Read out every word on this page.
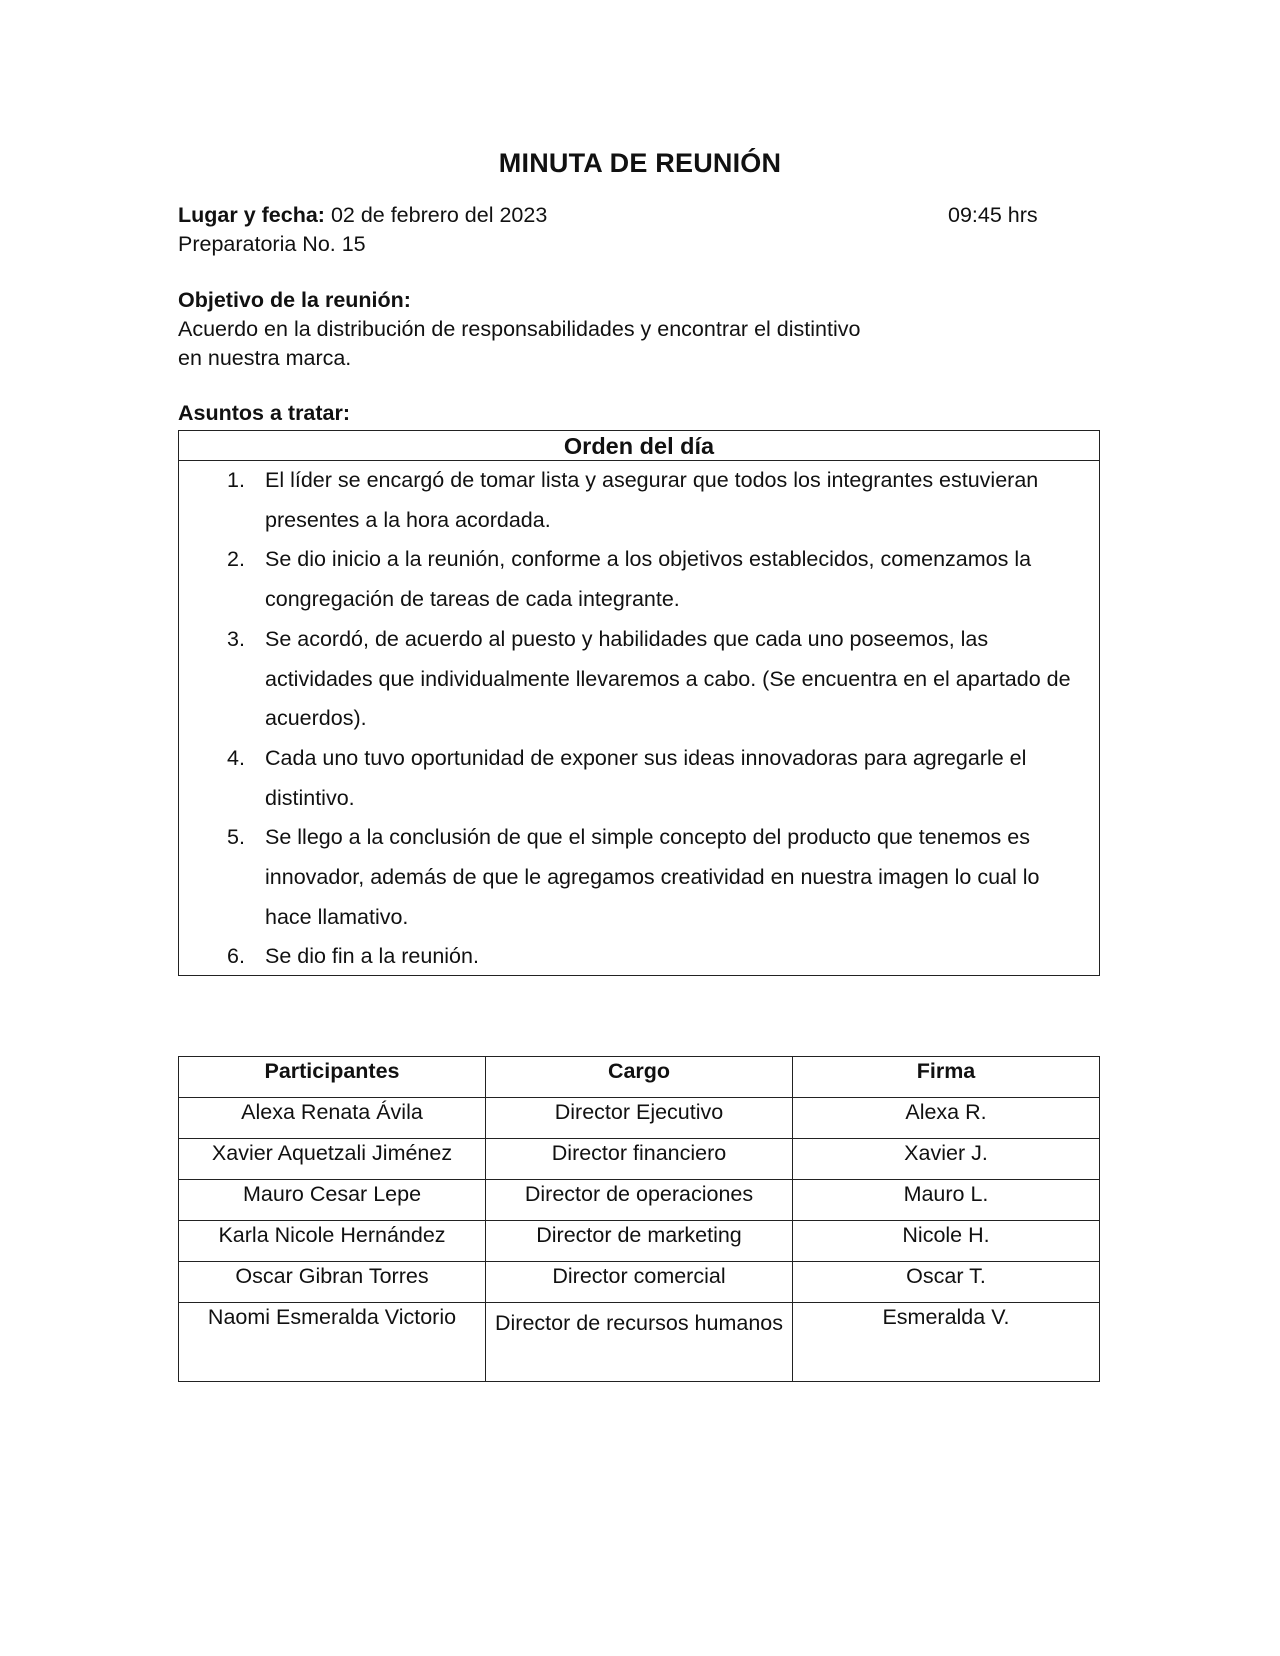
MINUTA DE REUNIÓN
Lugar y fecha: 02 de febrero del 2023	09:45 hrs
Preparatoria No. 15
Objetivo de la reunión:
Acuerdo en la distribución de responsabilidades y encontrar el distintivo
en nuestra marca.
Asuntos a tratar:
Orden del día
1. El líder se encargó de tomar lista y asegurar que todos los integrantes estuvieran presentes a la hora acordada.
2. Se dio inicio a la reunión, conforme a los objetivos establecidos, comenzamos la congregación de tareas de cada integrante.
3. Se acordó, de acuerdo al puesto y habilidades que cada uno poseemos, las actividades que individualmente llevaremos a cabo. (Se encuentra en el apartado de acuerdos).
4. Cada uno tuvo oportunidad de exponer sus ideas innovadoras para agregarle el distintivo.
5. Se llego a la conclusión de que el simple concepto del producto que tenemos es innovador, además de que le agregamos creatividad en nuestra imagen lo cual lo hace llamativo.
6. Se dio fin a la reunión.
Participantes	Cargo	Firma
Alexa Renata Ávila	Director Ejecutivo	Alexa R.
Xavier Aquetzali Jiménez	Director financiero	Xavier J.
Mauro Cesar Lepe	Director de operaciones	Mauro L.
Karla Nicole Hernández	Director de marketing	Nicole H.
Oscar Gibran Torres	Director comercial	Oscar T.
Naomi Esmeralda Victorio	Director de recursos humanos	Esmeralda V.
